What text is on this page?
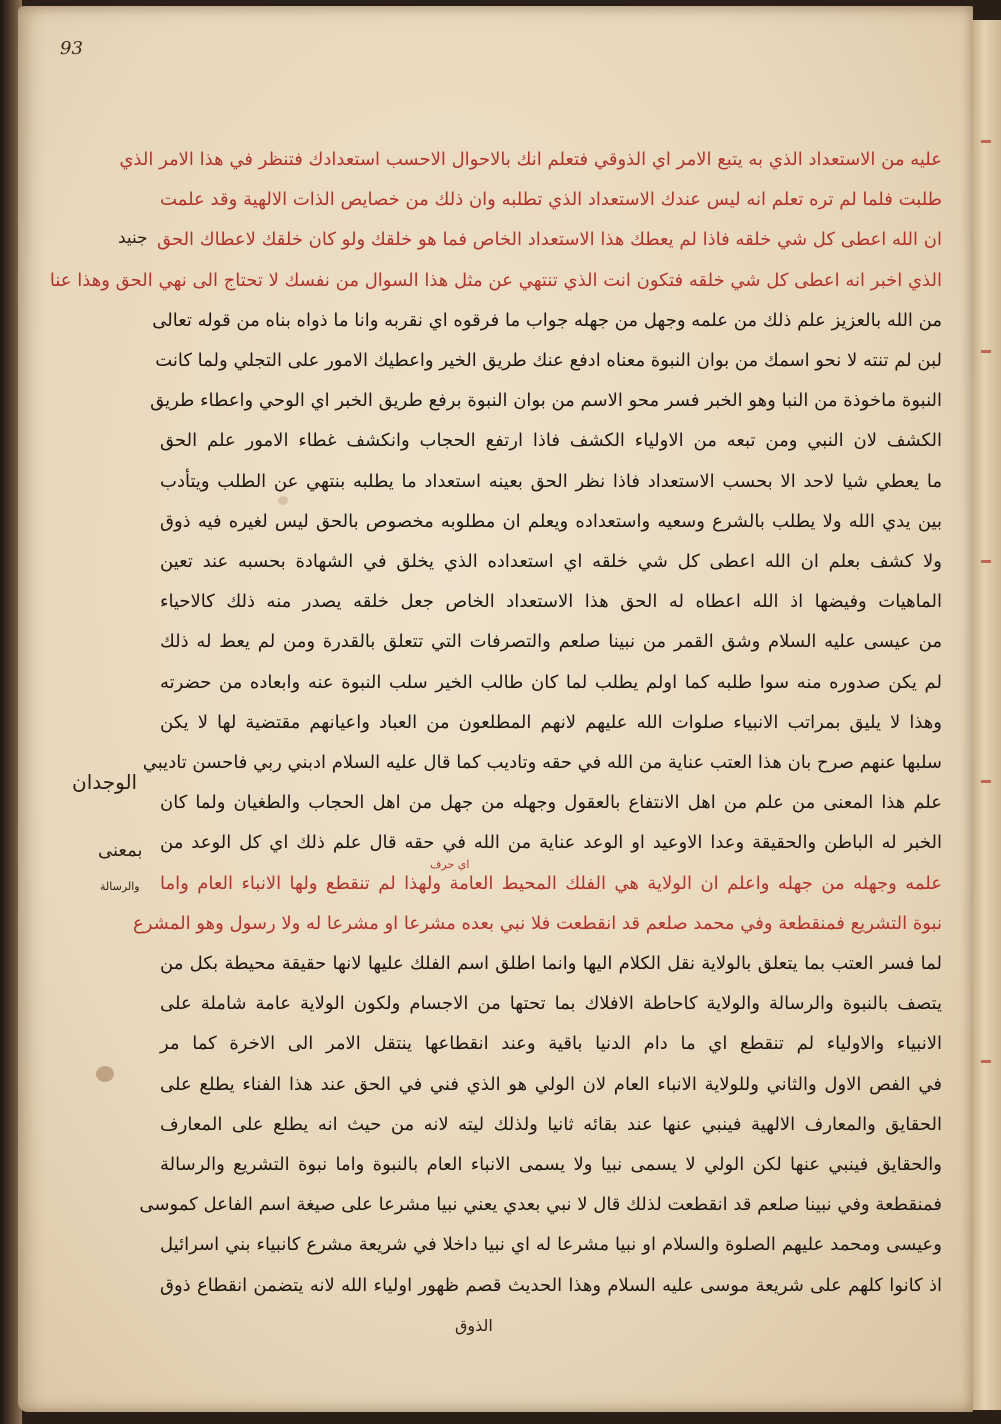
93
عليه من الاستعداد الذي به يتبع الامر اي الذوقي فتعلم انك بالاحوال الاحسب استعدادك فتنظر في هذا الامر الذي
طلبت فلما لم تره تعلم انه ليس عندك الاستعداد الذي تطلبه وان ذلك من خصايص الذات الالهية وقد علمت
ان الله اعطى كل شي خلقه فاذا لم يعطك هذا الاستعداد الخاص فما هو خلقك ولو كان خلقك لاعطاك الحق
الذي اخبر انه اعطى كل شي خلقه فتكون انت الذي تنتهي عن مثل هذا السوال من نفسك لا تحتاج الى نهي الحق وهذا عنا
من الله بالعزيز علم ذلك من علمه وجهل من جهله جواب ما فرقوه اي نقربه وانا ما ذواه بناه من قوله تعالى
لبن لم تنته لا نحو اسمك من بوان النبوة معناه ادفع عنك طريق الخير واعطيك الامور على التجلي ولما كانت
النبوة ماخوذة من النبا وهو الخبر فسر محو الاسم من بوان النبوة برفع طريق الخبر اي الوحي واعطاء طريق
الكشف لان النبي ومن تبعه من الاولياء الكشف فاذا ارتفع الحجاب وانكشف غطاء الامور علم الحق
ما يعطي شيا لاحد الا بحسب الاستعداد فاذا نظر الحق بعينه استعداد ما يطلبه بنتهي عن الطلب ويتأدب
بين يدي الله ولا يطلب بالشرع وسعيه واستعداده ويعلم ان مطلوبه مخصوص بالحق ليس لغيره فيه ذوق
ولا كشف بعلم ان الله اعطى كل شي خلقه اي استعداده الذي يخلق في الشهادة بحسبه عند تعين
الماهيات وفيضها اذ الله اعطاه له الحق هذا الاستعداد الخاص جعل خلقه يصدر منه ذلك كالاحياء
من عيسى عليه السلام وشق القمر من نبينا صلعم والتصرفات التي تتعلق بالقدرة ومن لم يعط له ذلك
لم يكن صدوره منه سوا طلبه كما اولم يطلب لما كان طالب الخير سلب النبوة عنه وابعاده من حضرته
وهذا لا يليق بمراتب الانبياء صلوات الله عليهم لانهم المطلعون من العباد واعيانهم مقتضية لها لا يكن
سلبها عنهم صرح بان هذا العتب عناية من الله في حقه وتاديب كما قال عليه السلام ادبني ربي فاحسن تاديبي
علم هذا المعنى من علم من اهل الانتفاع بالعقول وجهله من جهل من اهل الحجاب والطغيان ولما كان
الخبر له الباطن والحقيقة وعدا الاوعيد او الوعد عناية من الله في حقه قال علم ذلك اي كل الوعد من
علمه وجهله من جهله واعلم ان الولاية هي الفلك المحيط العامة ولهذا لم تنقطع ولها الانباء العام واما
نبوة التشريع فمنقطعة وفي محمد صلعم قد انقطعت فلا نبي بعده مشرعا او مشرعا له ولا رسول وهو المشرع
لما فسر العتب بما يتعلق بالولاية نقل الكلام اليها وانما اطلق اسم الفلك عليها لانها حقيقة محيطة بكل من
يتصف بالنبوة والرسالة والولاية كاحاطة الافلاك بما تحتها من الاجسام ولكون الولاية عامة شاملة على
الانبياء والاولياء لم تنقطع اي ما دام الدنيا باقية وعند انقطاعها ينتقل الامر الى الاخرة كما مر
في الفص الاول والثاني وللولاية الانباء العام لان الولي هو الذي فني في الحق عند هذا الفناء يطلع على
الحقايق والمعارف الالهية فينبي عنها عند بقائه ثانيا ولذلك ليته لانه من حيث انه يطلع على المعارف
والحقايق فينبي عنها لكن الولي لا يسمى نبيا ولا يسمى الانباء العام بالنبوة واما نبوة التشريع والرسالة
فمنقطعة وفي نبينا صلعم قد انقطعت لذلك قال لا نبي بعدي يعني نبيا مشرعا على صيغة اسم الفاعل كموسى
وعيسى ومحمد عليهم الصلوة والسلام او نبيا مشرعا له اي نبيا داخلا في شريعة مشرع كانبياء بني اسرائيل
اذ كانوا كلهم على شريعة موسى عليه السلام وهذا الحديث قصم ظهور اولياء الله لانه يتضمن انقطاع ذوق
جنيد
الوجدان
بمعنى
والرسالة
اي حرف
الذوق
